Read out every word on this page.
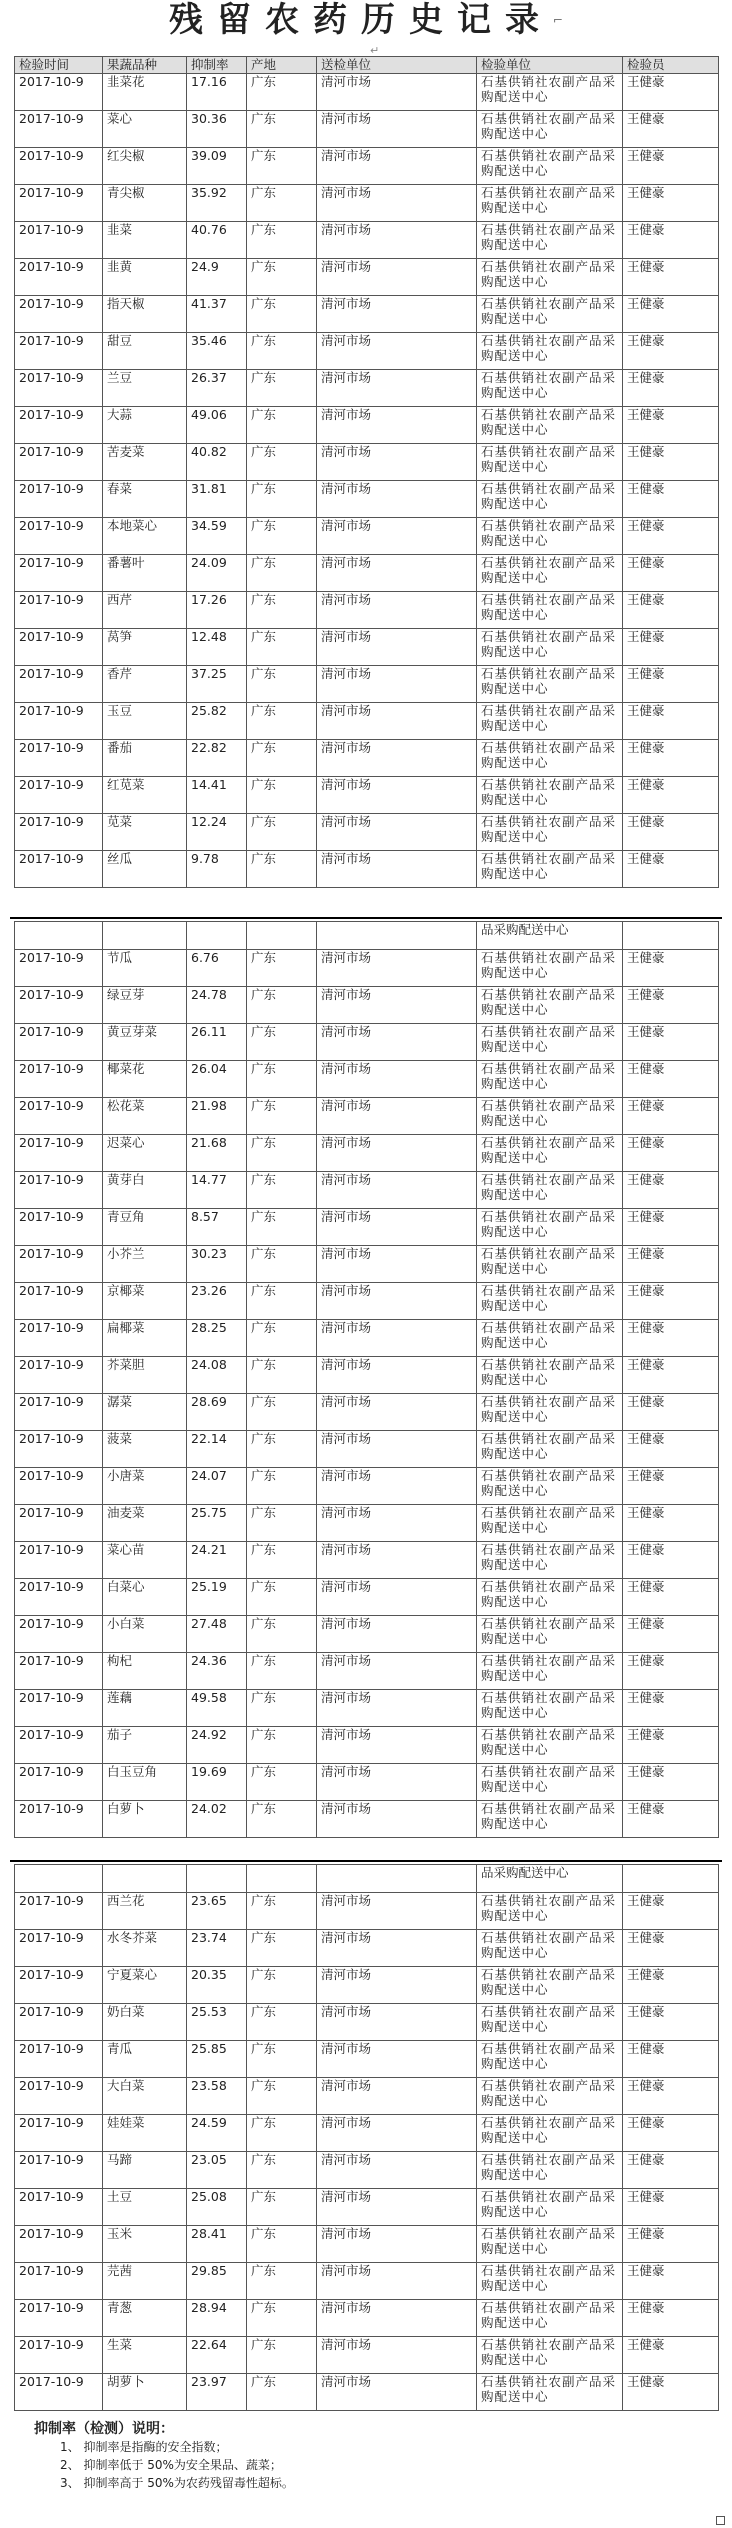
残留农药历史记录⌐
↵
检验时间	果蔬品种	抑制率	产地	送检单位	检验单位	检验员
2017-10-9	韭菜花	17.16	广东	清河市场	石基供销社农副产品采购配送中心	王健豪
2017-10-9	菜心	30.36	广东	清河市场	石基供销社农副产品采购配送中心	王健豪
2017-10-9	红尖椒	39.09	广东	清河市场	石基供销社农副产品采购配送中心	王健豪
2017-10-9	青尖椒	35.92	广东	清河市场	石基供销社农副产品采购配送中心	王健豪
2017-10-9	韭菜	40.76	广东	清河市场	石基供销社农副产品采购配送中心	王健豪
2017-10-9	韭黄	24.9	广东	清河市场	石基供销社农副产品采购配送中心	王健豪
2017-10-9	指天椒	41.37	广东	清河市场	石基供销社农副产品采购配送中心	王健豪
2017-10-9	甜豆	35.46	广东	清河市场	石基供销社农副产品采购配送中心	王健豪
2017-10-9	兰豆	26.37	广东	清河市场	石基供销社农副产品采购配送中心	王健豪
2017-10-9	大蒜	49.06	广东	清河市场	石基供销社农副产品采购配送中心	王健豪
2017-10-9	苦麦菜	40.82	广东	清河市场	石基供销社农副产品采购配送中心	王健豪
2017-10-9	春菜	31.81	广东	清河市场	石基供销社农副产品采购配送中心	王健豪
2017-10-9	本地菜心	34.59	广东	清河市场	石基供销社农副产品采购配送中心	王健豪
2017-10-9	番薯叶	24.09	广东	清河市场	石基供销社农副产品采购配送中心	王健豪
2017-10-9	西芹	17.26	广东	清河市场	石基供销社农副产品采购配送中心	王健豪
2017-10-9	莴笋	12.48	广东	清河市场	石基供销社农副产品采购配送中心	王健豪
2017-10-9	香芹	37.25	广东	清河市场	石基供销社农副产品采购配送中心	王健豪
2017-10-9	玉豆	25.82	广东	清河市场	石基供销社农副产品采购配送中心	王健豪
2017-10-9	番茄	22.82	广东	清河市场	石基供销社农副产品采购配送中心	王健豪
2017-10-9	红苋菜	14.41	广东	清河市场	石基供销社农副产品采购配送中心	王健豪
2017-10-9	苋菜	12.24	广东	清河市场	石基供销社农副产品采购配送中心	王健豪
2017-10-9	丝瓜	9.78	广东	清河市场	石基供销社农副产品采购配送中心	王健豪
					品采购配送中心	
2017-10-9	节瓜	6.76	广东	清河市场	石基供销社农副产品采购配送中心	王健豪
2017-10-9	绿豆芽	24.78	广东	清河市场	石基供销社农副产品采购配送中心	王健豪
2017-10-9	黄豆芽菜	26.11	广东	清河市场	石基供销社农副产品采购配送中心	王健豪
2017-10-9	椰菜花	26.04	广东	清河市场	石基供销社农副产品采购配送中心	王健豪
2017-10-9	松花菜	21.98	广东	清河市场	石基供销社农副产品采购配送中心	王健豪
2017-10-9	迟菜心	21.68	广东	清河市场	石基供销社农副产品采购配送中心	王健豪
2017-10-9	黄芽白	14.77	广东	清河市场	石基供销社农副产品采购配送中心	王健豪
2017-10-9	青豆角	8.57	广东	清河市场	石基供销社农副产品采购配送中心	王健豪
2017-10-9	小芥兰	30.23	广东	清河市场	石基供销社农副产品采购配送中心	王健豪
2017-10-9	京椰菜	23.26	广东	清河市场	石基供销社农副产品采购配送中心	王健豪
2017-10-9	扁椰菜	28.25	广东	清河市场	石基供销社农副产品采购配送中心	王健豪
2017-10-9	芥菜胆	24.08	广东	清河市场	石基供销社农副产品采购配送中心	王健豪
2017-10-9	潺菜	28.69	广东	清河市场	石基供销社农副产品采购配送中心	王健豪
2017-10-9	菠菜	22.14	广东	清河市场	石基供销社农副产品采购配送中心	王健豪
2017-10-9	小唐菜	24.07	广东	清河市场	石基供销社农副产品采购配送中心	王健豪
2017-10-9	油麦菜	25.75	广东	清河市场	石基供销社农副产品采购配送中心	王健豪
2017-10-9	菜心苗	24.21	广东	清河市场	石基供销社农副产品采购配送中心	王健豪
2017-10-9	白菜心	25.19	广东	清河市场	石基供销社农副产品采购配送中心	王健豪
2017-10-9	小白菜	27.48	广东	清河市场	石基供销社农副产品采购配送中心	王健豪
2017-10-9	枸杞	24.36	广东	清河市场	石基供销社农副产品采购配送中心	王健豪
2017-10-9	莲藕	49.58	广东	清河市场	石基供销社农副产品采购配送中心	王健豪
2017-10-9	茄子	24.92	广东	清河市场	石基供销社农副产品采购配送中心	王健豪
2017-10-9	白玉豆角	19.69	广东	清河市场	石基供销社农副产品采购配送中心	王健豪
2017-10-9	白萝卜	24.02	广东	清河市场	石基供销社农副产品采购配送中心	王健豪
					品采购配送中心	
2017-10-9	西兰花	23.65	广东	清河市场	石基供销社农副产品采购配送中心	王健豪
2017-10-9	水冬芥菜	23.74	广东	清河市场	石基供销社农副产品采购配送中心	王健豪
2017-10-9	宁夏菜心	20.35	广东	清河市场	石基供销社农副产品采购配送中心	王健豪
2017-10-9	奶白菜	25.53	广东	清河市场	石基供销社农副产品采购配送中心	王健豪
2017-10-9	青瓜	25.85	广东	清河市场	石基供销社农副产品采购配送中心	王健豪
2017-10-9	大白菜	23.58	广东	清河市场	石基供销社农副产品采购配送中心	王健豪
2017-10-9	娃娃菜	24.59	广东	清河市场	石基供销社农副产品采购配送中心	王健豪
2017-10-9	马蹄	23.05	广东	清河市场	石基供销社农副产品采购配送中心	王健豪
2017-10-9	土豆	25.08	广东	清河市场	石基供销社农副产品采购配送中心	王健豪
2017-10-9	玉米	28.41	广东	清河市场	石基供销社农副产品采购配送中心	王健豪
2017-10-9	芫茜	29.85	广东	清河市场	石基供销社农副产品采购配送中心	王健豪
2017-10-9	青葱	28.94	广东	清河市场	石基供销社农副产品采购配送中心	王健豪
2017-10-9	生菜	22.64	广东	清河市场	石基供销社农副产品采购配送中心	王健豪
2017-10-9	胡萝卜	23.97	广东	清河市场	石基供销社农副产品采购配送中心	王健豪
抑制率（检测）说明：
1、 抑制率是指酶的安全指数；
2、 抑制率低于 50%为安全果品、蔬菜；
3、 抑制率高于 50%为农药残留毒性超标。
